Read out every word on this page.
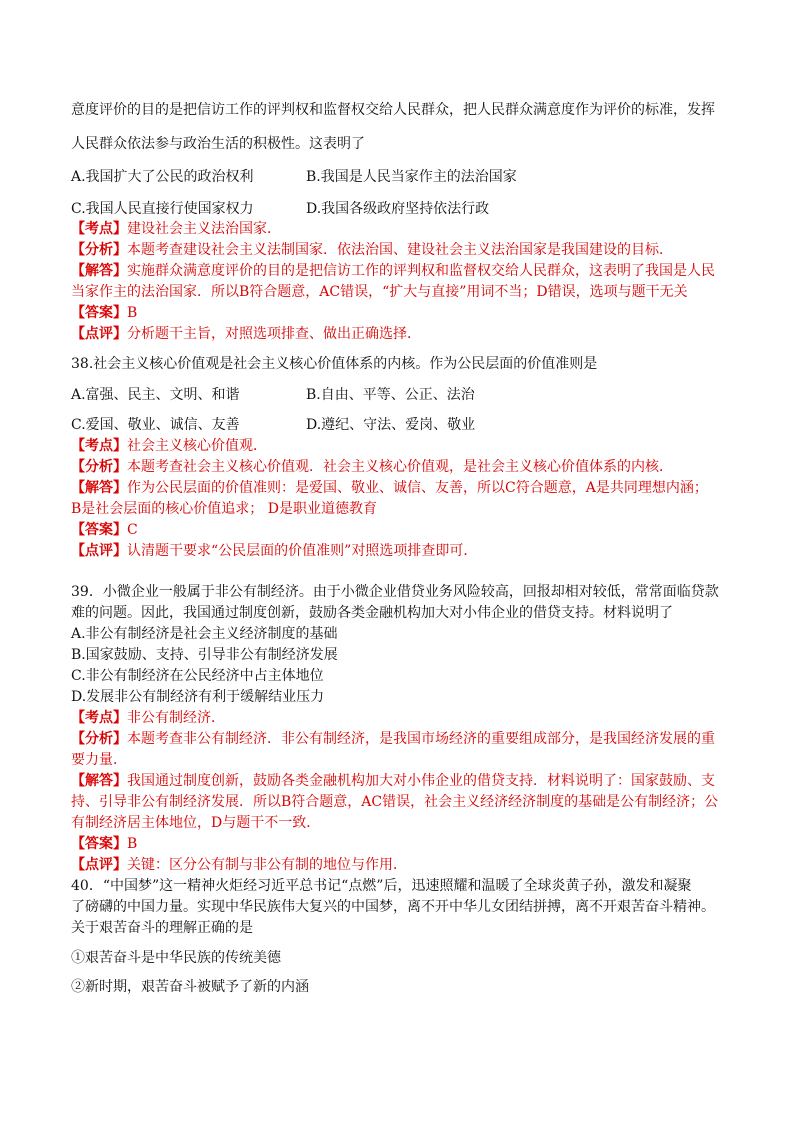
意度评价的目的是把信访工作的评判权和监督权交给人民群众，把人民群众满意度作为评价的标准，发挥
人民群众依法参与政治生活的积极性。这表明了
A.我国扩大了公民的政治权利	B.我国是人民当家作主的法治国家
C.我国人民直接行使国家权力	D.我国各级政府坚持依法行政
【考点】建设社会主义法治国家．
【分析】本题考查建设社会主义法制国家．依法治国、建设社会主义法治国家是我国建设的目标．
【解答】实施群众满意度评价的目的是把信访工作的评判权和监督权交给人民群众，这表明了我国是人民
当家作主的法治国家．所以B符合题意，AC错误，“扩大与直接”用词不当；D错误，选项与题干无关
【答案】B
【点评】分析题干主旨，对照选项排查、做出正确选择．
38.社会主义核心价值观是社会主义核心价值体系的内核。作为公民层面的价值准则是
A.富强、民主、文明、和谐	B.自由、平等、公正、法治
C.爱国、敬业、诚信、友善	D.遵纪、守法、爱岗、敬业
【考点】社会主义核心价值观．
【分析】本题考查社会主义核心价值观．社会主义核心价值观，是社会主义核心价值体系的内核．
【解答】作为公民层面的价值准则：是爱国、敬业、诚信、友善，所以C符合题意，A是共同理想内涵；
B是社会层面的核心价值追求； D是职业道德教育
【答案】C
【点评】认清题干要求“公民层面的价值准则”对照选项排查即可．
39．小微企业一般属于非公有制经济。由于小微企业借贷业务风险较高，回报却相对较低，常常面临贷款
难的问题。因此，我国通过制度创新，鼓励各类金融机构加大对小伟企业的借贷支持。材料说明了
A.非公有制经济是社会主义经济制度的基础
B.国家鼓励、支持、引导非公有制经济发展
C.非公有制经济在公民经济中占主体地位
D.发展非公有制经济有利于缓解结业压力
【考点】非公有制经济．
【分析】本题考查非公有制经济．非公有制经济，是我国市场经济的重要组成部分，是我国经济发展的重
要力量．
【解答】我国通过制度创新，鼓励各类金融机构加大对小伟企业的借贷支持．材料说明了：国家鼓励、支
持、引导非公有制经济发展．所以B符合题意，AC错误，社会主义经济经济制度的基础是公有制经济；公
有制经济居主体地位，D与题干不一致．
【答案】B
【点评】关键：区分公有制与非公有制的地位与作用．
40．“中国梦”这一精神火炬经习近平总书记“点燃”后，迅速照耀和温暖了全球炎黄子孙，激发和凝聚
了磅礴的中国力量。实现中华民族伟大复兴的中国梦，离不开中华儿女团结拼搏，离不开艰苦奋斗精神。
关于艰苦奋斗的理解正确的是
①艰苦奋斗是中华民族的传统美德
②新时期，艰苦奋斗被赋予了新的内涵
